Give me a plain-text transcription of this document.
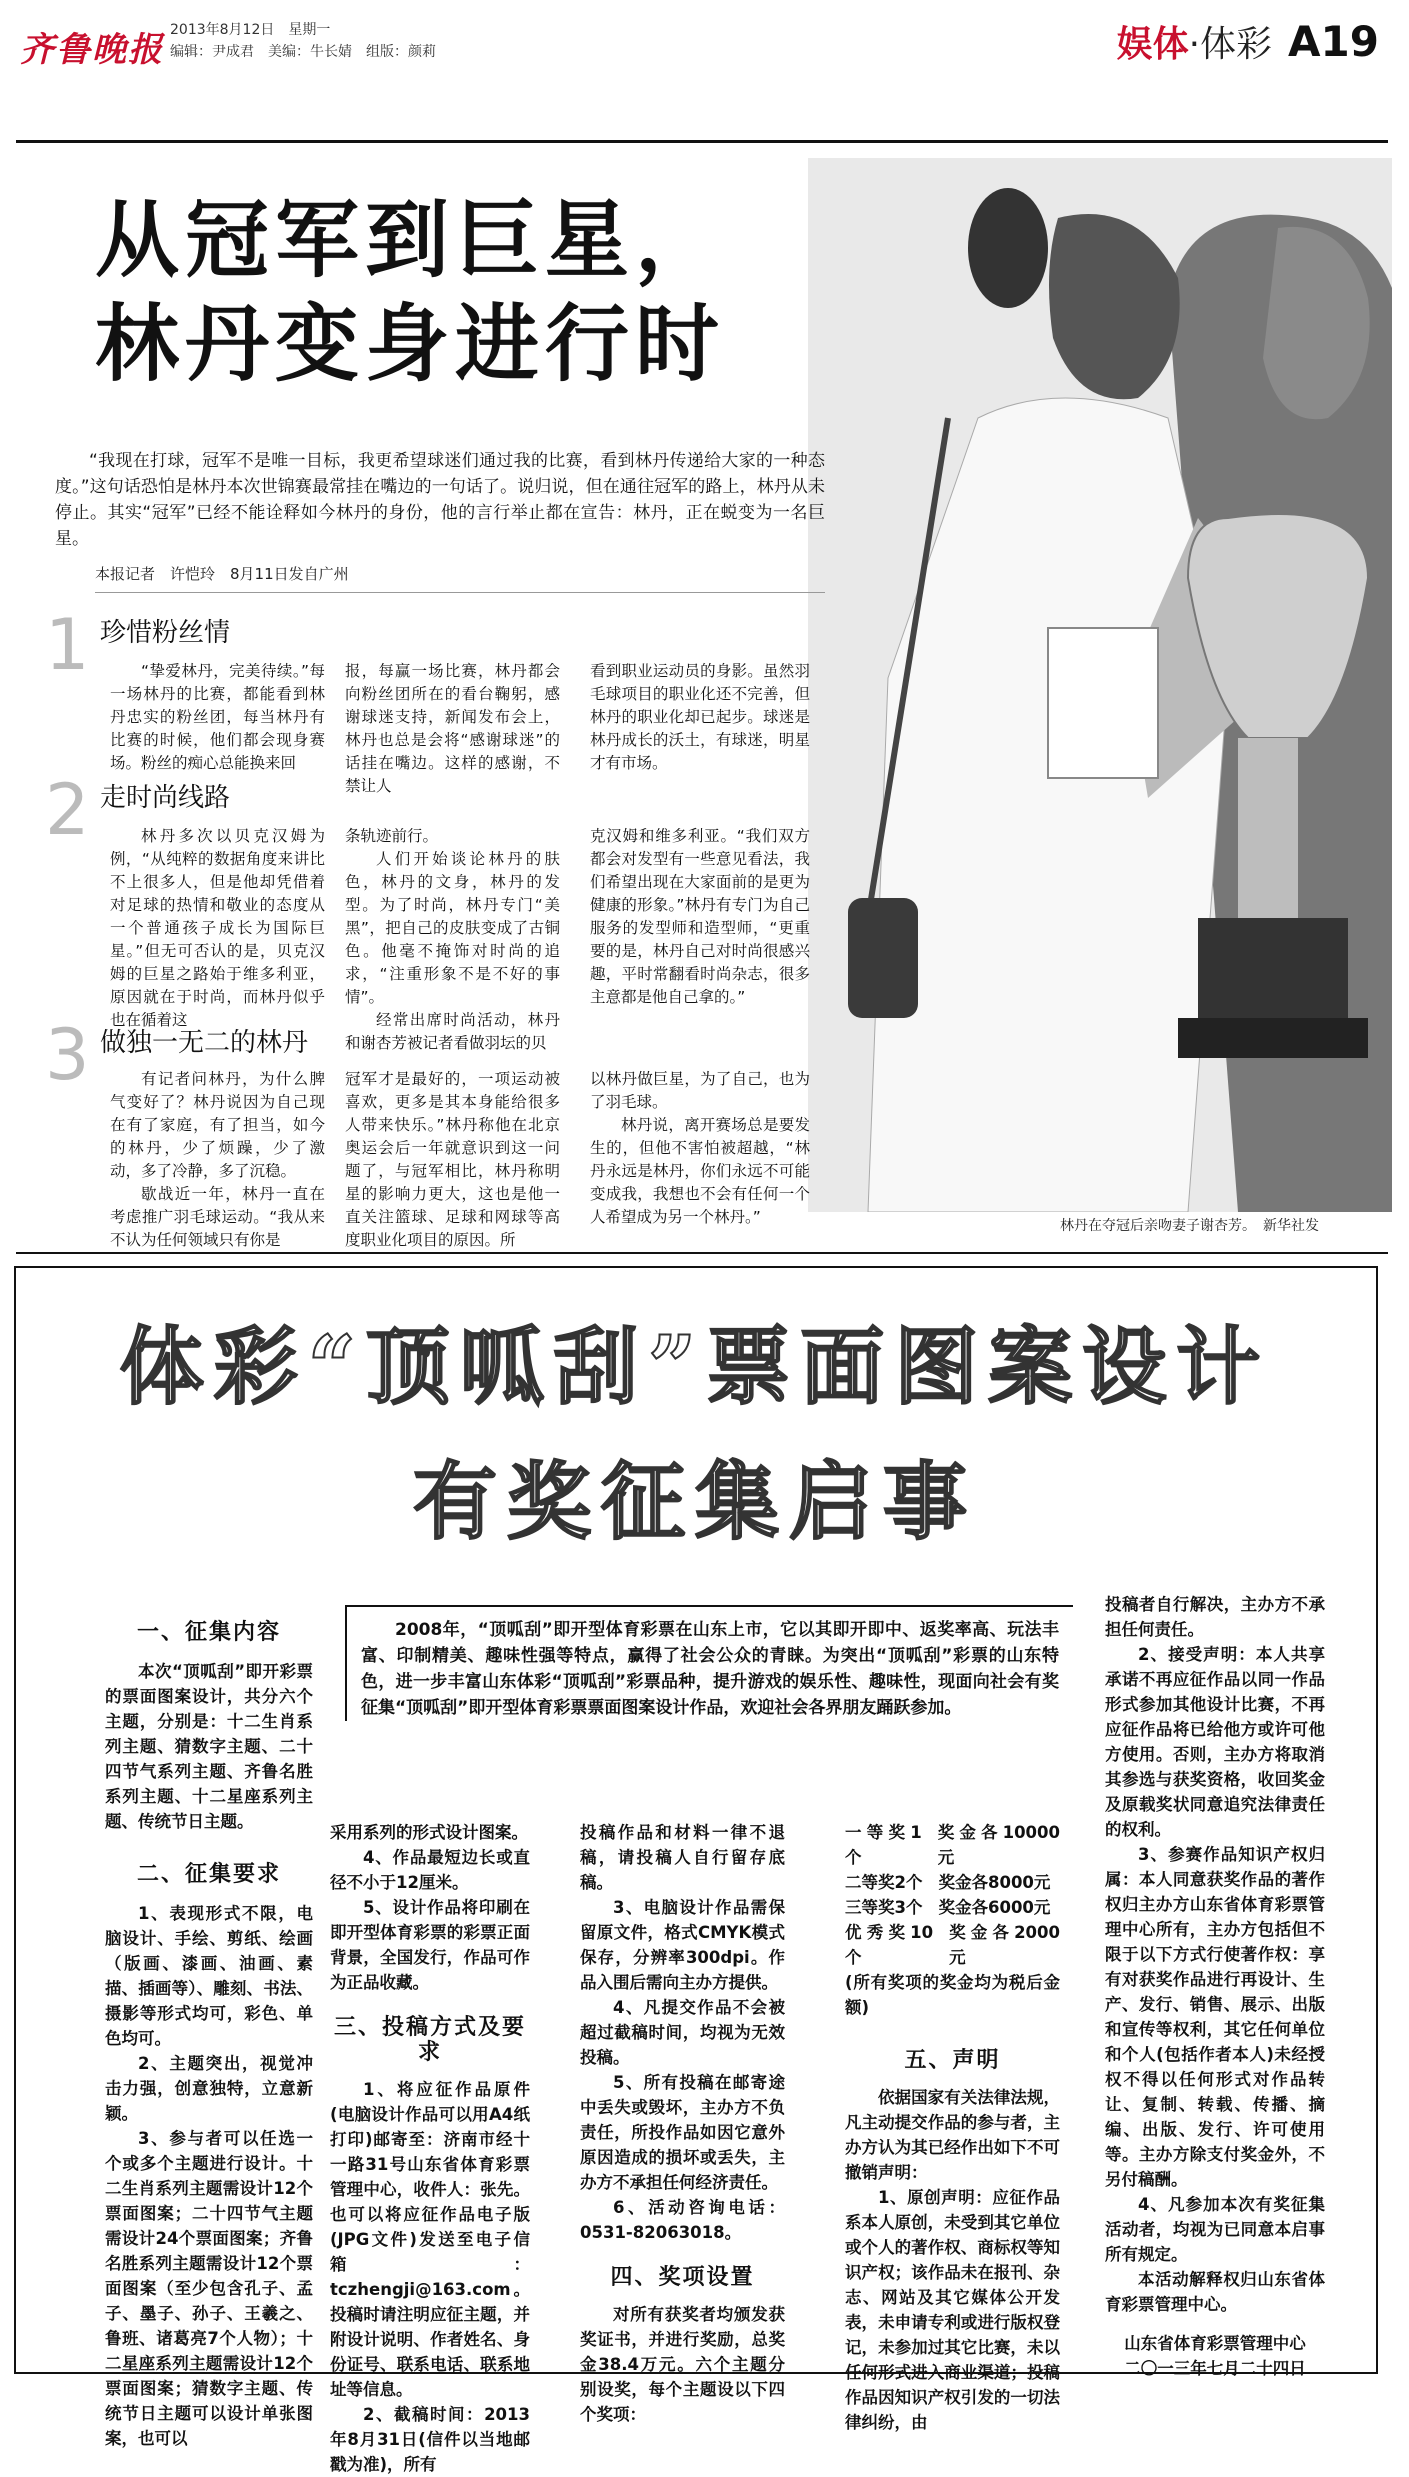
齐鲁晚报 2013年8月12日　星期一
编辑：尹成君　美编：牛长婧　组版：颜莉	娱体 ·体彩 A19
从冠军到巨星，
林丹变身进行时
“我现在打球，冠军不是唯一目标，我更希望球迷们通过我的比赛，看到林丹传递给大家的一种态度。”这句话恐怕是林丹本次世锦赛最常挂在嘴边的一句话了。说归说，但在通往冠军的路上，林丹从未停止。其实“冠军”已经不能诠释如今林丹的身份，他的言行举止都在宣告：林丹，正在蜕变为一名巨星。
本报记者　许恺玲　8月11日发自广州
1 珍惜粉丝情

“挚爱林丹，完美待续。”每一场林丹的比赛，都能看到林丹忠实的粉丝团，每当林丹有比赛的时候，他们都会现身赛场。粉丝的痴心总能换来回

报，每赢一场比赛，林丹都会向粉丝团所在的看台鞠躬，感谢球迷支持，新闻发布会上，林丹也总是会将“感谢球迷”的话挂在嘴边。这样的感谢，不禁让人

看到职业运动员的身影。虽然羽毛球项目的职业化还不完善，但林丹的职业化却已起步。球迷是林丹成长的沃土，有球迷，明星才有市场。

2 走时尚线路

林丹多次以贝克汉姆为例，“从纯粹的数据角度来讲比不上很多人，但是他却凭借着对足球的热情和敬业的态度从一个普通孩子成长为国际巨星。”但无可否认的是，贝克汉姆的巨星之路始于维多利亚，原因就在于时尚，而林丹似乎也在循着这

条轨迹前行。

人们开始谈论林丹的肤色，林丹的文身，林丹的发型。为了时尚，林丹专门“美黑”，把自己的皮肤变成了古铜色。他毫不掩饰对时尚的追求，“注重形象不是不好的事情”。

经常出席时尚活动，林丹和谢杏芳被记者看做羽坛的贝

克汉姆和维多利亚。“我们双方都会对发型有一些意见看法，我们希望出现在大家面前的是更为健康的形象。”林丹有专门为自己服务的发型师和造型师，“更重要的是，林丹自己对时尚很感兴趣，平时常翻看时尚杂志，很多主意都是他自己拿的。”

3 做独一无二的林丹

有记者问林丹，为什么脾气变好了？林丹说因为自己现在有了家庭，有了担当，如今的林丹，少了烦躁，少了激动，多了冷静，多了沉稳。

歇战近一年，林丹一直在考虑推广羽毛球运动。“我从来不认为任何领域只有你是

冠军才是最好的，一项运动被喜欢，更多是其本身能给很多人带来快乐。”林丹称他在北京奥运会后一年就意识到这一问题了，与冠军相比，林丹称明星的影响力更大，这也是他一直关注篮球、足球和网球等高度职业化项目的原因。所

以林丹做巨星，为了自己，也为了羽毛球。

林丹说，离开赛场总是要发生的，但他不害怕被超越，“林丹永远是林丹，你们永远不可能变成我，我想也不会有任何一个人希望成为另一个林丹。”	林丹在夺冠后亲吻妻子谢杏芳。　新华社发
体彩“顶呱刮”票面图案设计
有奖征集启事

2008年，“顶呱刮”即开型体育彩票在山东上市，它以其即开即中、返奖率高、玩法丰富、印制精美、趣味性强等特点，赢得了社会公众的青睐。为突出“顶呱刮”彩票的山东特色，进一步丰富山东体彩“顶呱刮”彩票品种，提升游戏的娱乐性、趣味性，现面向社会有奖征集“顶呱刮”即开型体育彩票票面图案设计作品，欢迎社会各界朋友踊跃参加。

一、征集内容

本次“顶呱刮”即开彩票的票面图案设计，共分六个主题，分别是：十二生肖系列主题、猜数字主题、二十四节气系列主题、齐鲁名胜系列主题、十二星座系列主题、传统节日主题。

二、征集要求

1、表现形式不限，电脑设计、手绘、剪纸、绘画（版画、漆画、油画、素描、插画等）、雕刻、书法、摄影等形式均可，彩色、单色均可。

2、主题突出，视觉冲击力强，创意独特，立意新颖。

3、参与者可以任选一个或多个主题进行设计。十二生肖系列主题需设计12个票面图案；二十四节气主题需设计24个票面图案；齐鲁名胜系列主题需设计12个票面图案（至少包含孔子、孟子、墨子、孙子、王羲之、鲁班、诸葛亮7个人物）；十二星座系列主题需设计12个票面图案；猜数字主题、传统节日主题可以设计单张图案，也可以

采用系列的形式设计图案。

4、作品最短边长或直径不小于12厘米。

5、设计作品将印刷在即开型体育彩票的彩票正面背景，全国发行，作品可作为正品收藏。

三、投稿方式及要求

1、将应征作品原件(电脑设计作品可以用A4纸打印)邮寄至：济南市经十一路31号山东省体育彩票管理中心，收件人：张先。也可以将应征作品电子版(JPG文件)发送至电子信箱：tczhengji@163.com。投稿时请注明应征主题，并附设计说明、作者姓名、身份证号、联系电话、联系地址等信息。

2、截稿时间：2013年8月31日(信件以当地邮戳为准)，所有

投稿作品和材料一律不退稿，请投稿人自行留存底稿。

3、电脑设计作品需保留原文件，格式CMYK模式保存，分辨率300dpi。作品入围后需向主办方提供。

4、凡提交作品不会被超过截稿时间，均视为无效投稿。

5、所有投稿在邮寄途中丢失或毁坏，主办方不负责任，所投作品如因它意外原因造成的损坏或丢失，主办方不承担任何经济责任。

6、活动咨询电话：0531-82063018。

四、奖项设置

对所有获奖者均颁发获奖证书，并进行奖励，总奖金38.4万元。六个主题分别设奖，每个主题设以下四个奖项：

一等奖1个
奖金各10000元
二等奖2个 奖金各8000元
三等奖3个 奖金各6000元
优秀奖10个
奖金各2000元
(所有奖项的奖金均为税后金额)
五、声明

依据国家有关法律法规，凡主动提交作品的参与者，主办方认为其已经作出如下不可撤销声明：

1、原创声明：应征作品系本人原创，未受到其它单位或个人的著作权、商标权等知识产权；该作品未在报刊、杂志、网站及其它媒体公开发表，未申请专利或进行版权登记，未参加过其它比赛，未以任何形式进入商业渠道；投稿作品因知识产权引发的一切法律纠纷，由

投稿者自行解决，主办方不承担任何责任。

2、接受声明：本人共享承诺不再应征作品以同一作品形式参加其他设计比赛，不再应征作品将已给他方或许可他方使用。否则，主办方将取消其参选与获奖资格，收回奖金及原载奖状同意追究法律责任的权利。

3、参赛作品知识产权归属：本人同意获奖作品的著作权归主办方山东省体育彩票管理中心所有，主办方包括但不限于以下方式行使著作权：享有对获奖作品进行再设计、生产、发行、销售、展示、出版和宣传等权利，其它任何单位和个人(包括作者本人)未经授权不得以任何形式对作品转让、复制、转载、传播、摘编、出版、发行、许可使用等。主办方除支付奖金外，不另付稿酬。

4、凡参加本次有奖征集活动者，均视为已同意本启事所有规定。

本活动解释权归山东省体育彩票管理中心。

山东省体育彩票管理中心
二〇一三年七月二十四日
